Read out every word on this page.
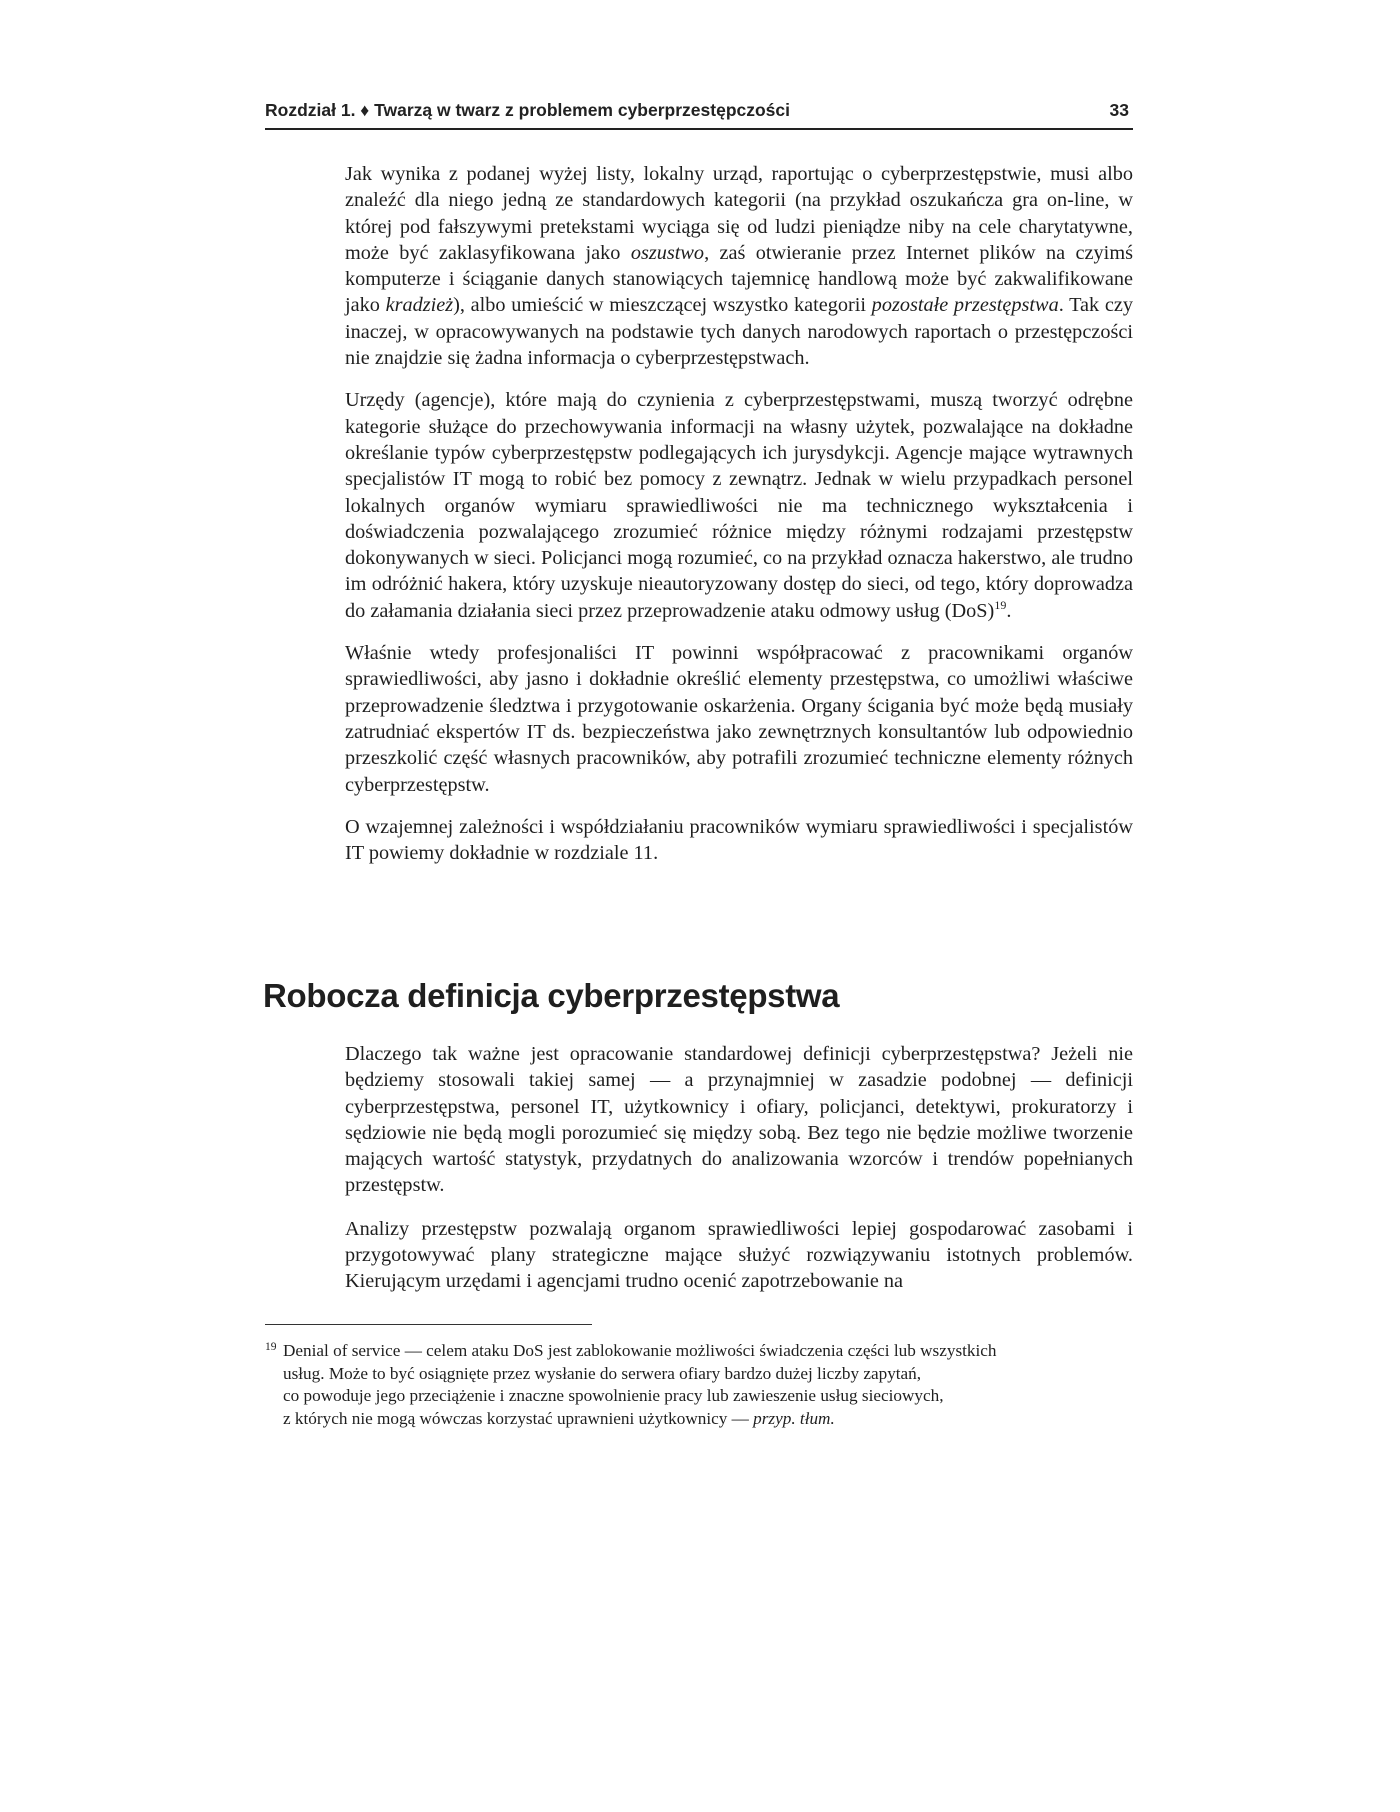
Rozdział 1. ♦ Twarzą w twarz z problemem cyberprzestępczości	33

Jak wynika z podanej wyżej listy, lokalny urząd, raportując o cyberprzestępstwie, musi albo znaleźć dla niego jedną ze standardowych kategorii (na przykład oszukańcza gra on-line, w której pod fałszywymi pretekstami wyciąga się od ludzi pieniądze niby na cele charytatywne, może być zaklasyfikowana jako oszustwo, zaś otwieranie przez Internet plików na czyimś komputerze i ściąganie danych stanowiących tajemnicę handlową może być zakwalifikowane jako kradzież), albo umieścić w mieszczącej wszystko kategorii pozostałe przestępstwa. Tak czy inaczej, w opracowywanych na podstawie tych danych narodowych raportach o przestępczości nie znajdzie się żadna informacja o cyberprzestępstwach.

Urzędy (agencje), które mają do czynienia z cyberprzestępstwami, muszą tworzyć odrębne kategorie służące do przechowywania informacji na własny użytek, pozwalające na dokładne określanie typów cyberprzestępstw podlegających ich jurysdykcji. Agencje mające wytrawnych specjalistów IT mogą to robić bez pomocy z zewnątrz. Jednak w wielu przypadkach personel lokalnych organów wymiaru sprawiedliwości nie ma technicznego wykształcenia i doświadczenia pozwalającego zrozumieć różnice między różnymi rodzajami przestępstw dokonywanych w sieci. Policjanci mogą rozumieć, co na przykład oznacza hakerstwo, ale trudno im odróżnić hakera, który uzyskuje nieautoryzowany dostęp do sieci, od tego, który doprowadza do załamania działania sieci przez przeprowadzenie ataku odmowy usług (DoS)$^{19}$.

Właśnie wtedy profesjonaliści IT powinni współpracować z pracownikami organów sprawiedliwości, aby jasno i dokładnie określić elementy przestępstwa, co umożliwi właściwe przeprowadzenie śledztwa i przygotowanie oskarżenia. Organy ścigania być może będą musiały zatrudniać ekspertów IT ds. bezpieczeństwa jako zewnętrznych konsultantów lub odpowiednio przeszkolić część własnych pracowników, aby potrafili zrozumieć techniczne elementy różnych cyberprzestępstw.

O wzajemnej zależności i współdziałaniu pracowników wymiaru sprawiedliwości i specjalistów IT powiemy dokładnie w rozdziale 11.

Robocza definicja cyberprzestępstwa

Dlaczego tak ważne jest opracowanie standardowej definicji cyberprzestępstwa? Jeżeli nie będziemy stosowali takiej samej — a przynajmniej w zasadzie podobnej — definicji cyberprzestępstwa, personel IT, użytkownicy i ofiary, policjanci, detektywi, prokuratorzy i sędziowie nie będą mogli porozumieć się między sobą. Bez tego nie będzie możliwe tworzenie mających wartość statystyk, przydatnych do analizowania wzorców i trendów popełnianych przestępstw.

Analizy przestępstw pozwalają organom sprawiedliwości lepiej gospodarować zasobami i przygotowywać plany strategiczne mające służyć rozwiązywaniu istotnych problemów. Kierującym urzędami i agencjami trudno ocenić zapotrzebowanie na

19 Denial of service — celem ataku DoS jest zablokowanie możliwości świadczenia części lub wszystkich
usług. Może to być osiągnięte przez wysłanie do serwera ofiary bardzo dużej liczby zapytań,
co powoduje jego przeciążenie i znaczne spowolnienie pracy lub zawieszenie usług sieciowych,
z których nie mogą wówczas korzystać uprawnieni użytkownicy — przyp. tłum.
